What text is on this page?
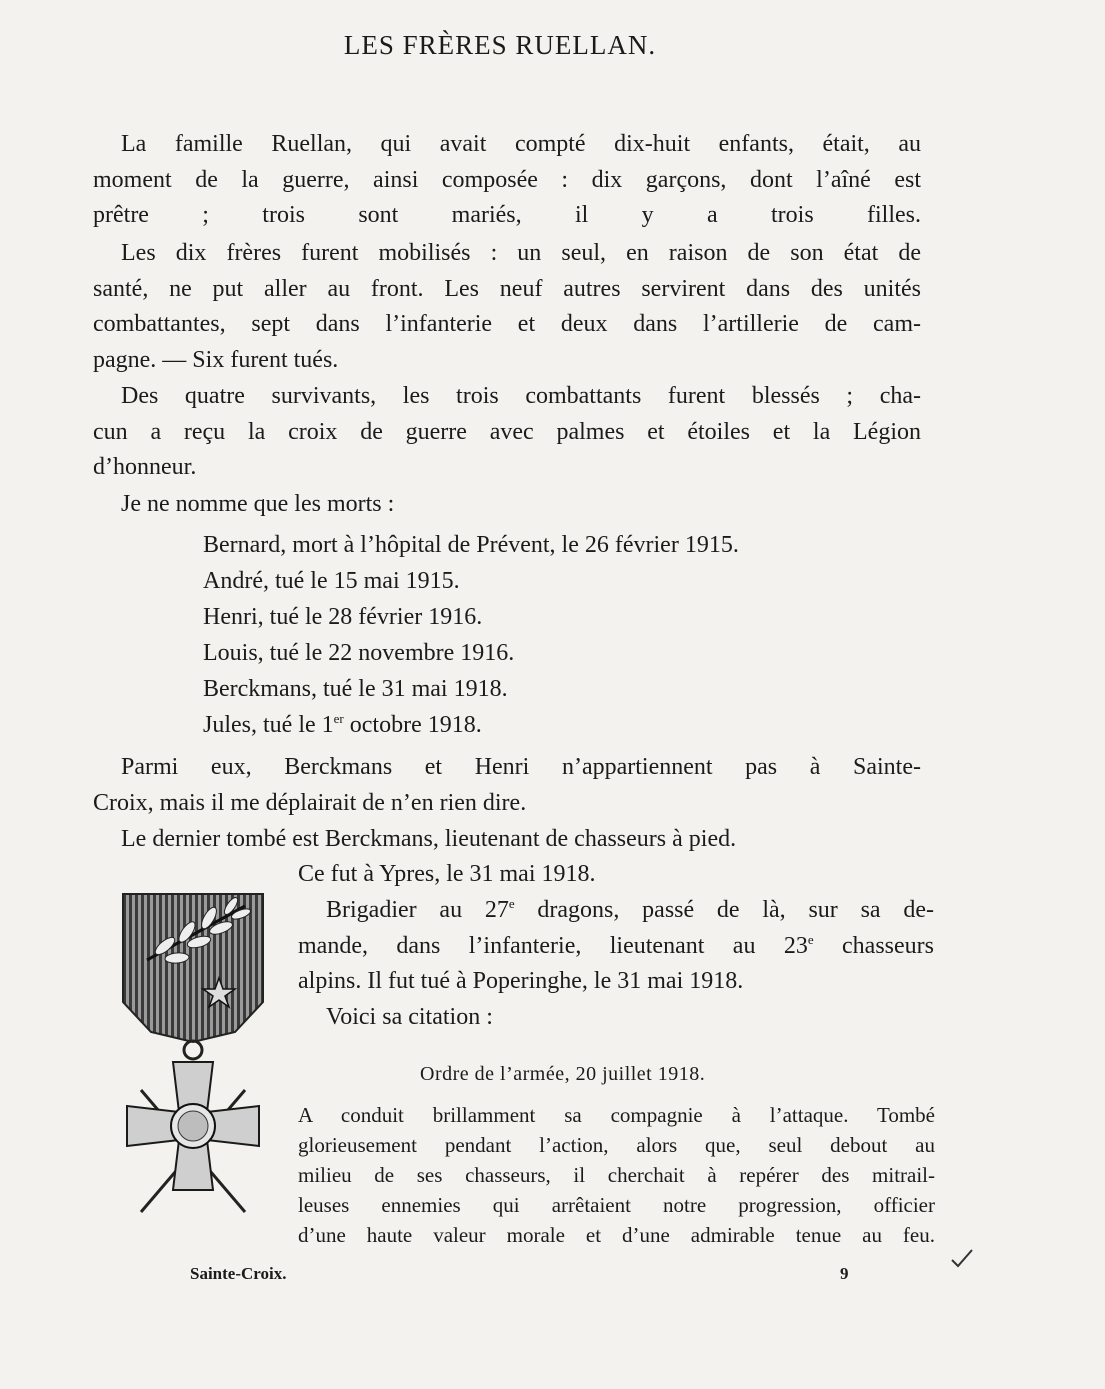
LES FRÈRES RUELLAN.
La famille Ruellan, qui avait compté dix-huit enfants, était, au
moment de la guerre, ainsi composée : dix garçons, dont l’aîné est
prêtre ; trois sont mariés, il y a trois filles.
Les dix frères furent mobilisés : un seul, en raison de son état de
santé, ne put aller au front. Les neuf autres servirent dans des unités
combattantes, sept dans l’infanterie et deux dans l’artillerie de cam-
pagne. — Six furent tués.
Des quatre survivants, les trois combattants furent blessés ; cha-
cun a reçu la croix de guerre avec palmes et étoiles et la Légion
d’honneur.
Je ne nomme que les morts :
Bernard, mort à l’hôpital de Prévent, le 26 février 1915.
André, tué le 15 mai 1915.
Henri, tué le 28 février 1916.
Louis, tué le 22 novembre 1916.
Berckmans, tué le 31 mai 1918.
Jules, tué le 1er octobre 1918.
Parmi eux, Berckmans et Henri n’appartiennent pas à Sainte-
Croix, mais il me déplairait de n’en rien dire.
Le dernier tombé est Berckmans, lieutenant de chasseurs à pied.
Ce fut à Ypres, le 31 mai 1918.
Brigadier au 27e dragons, passé de là, sur sa de-
mande, dans l’infanterie, lieutenant au 23e chasseurs
alpins. Il fut tué à Poperinghe, le 31 mai 1918.
Voici sa citation :
Ordre de l’armée, 20 juillet 1918.
A conduit brillamment sa compagnie à l’attaque. Tombé
glorieusement pendant l’action, alors que, seul debout au
milieu de ses chasseurs, il cherchait à repérer des mitrail-
leuses ennemies qui arrêtaient notre progression, officier
d’une haute valeur morale et d’une admirable tenue au feu.
Sainte-Croix.	9
